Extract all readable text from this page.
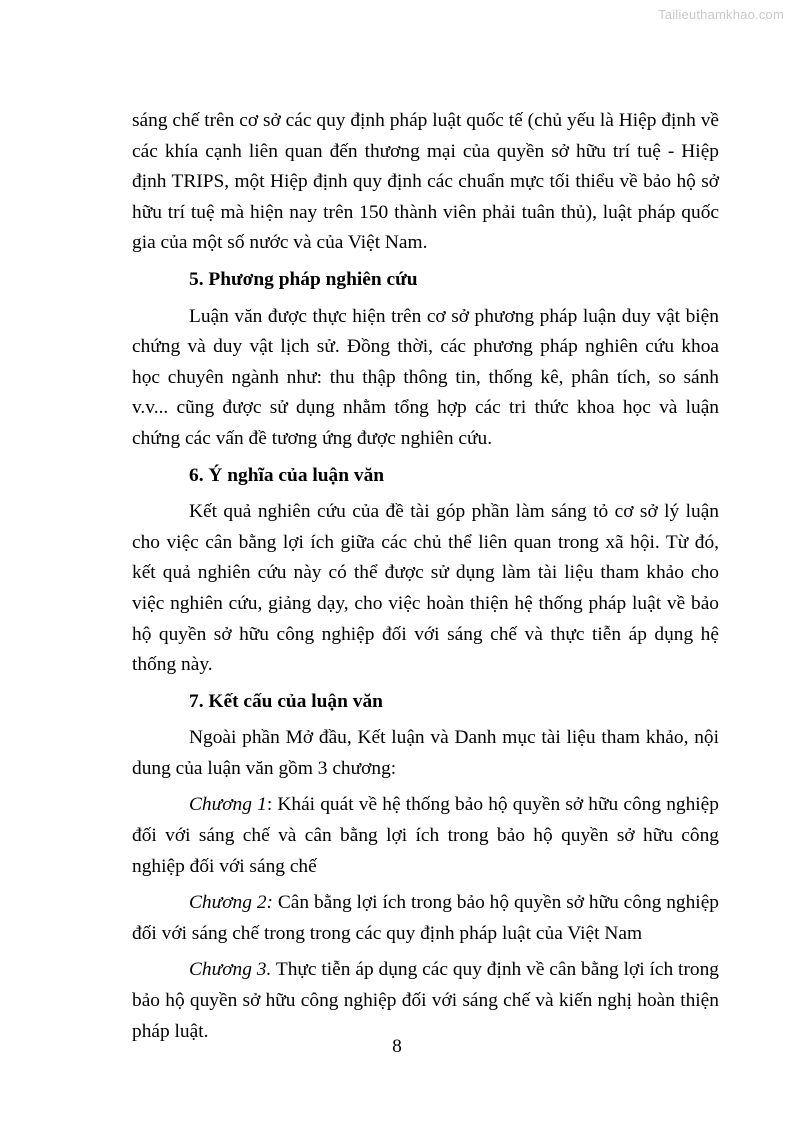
Tailieuthamkhao.com

sáng chế trên cơ sở các quy định pháp luật quốc tế (chủ yếu là Hiệp định về các khía cạnh liên quan đến thương mại của quyền sở hữu trí tuệ - Hiệp định TRIPS, một Hiệp định quy định các chuẩn mực tối thiểu về bảo hộ sở hữu trí tuệ mà hiện nay trên 150 thành viên phải tuân thủ), luật pháp quốc gia của một số nước và của Việt Nam.

5. Phương pháp nghiên cứu

Luận văn được thực hiện trên cơ sở phương pháp luận duy vật biện chứng và duy vật lịch sử. Đồng thời, các phương pháp nghiên cứu khoa học chuyên ngành như: thu thập thông tin, thống kê, phân tích, so sánh v.v... cũng được sử dụng nhằm tổng hợp các tri thức khoa học và luận chứng các vấn đề tương ứng được nghiên cứu.

6. Ý nghĩa của luận văn

Kết quả nghiên cứu của đề tài góp phần làm sáng tỏ cơ sở lý luận cho việc cân bằng lợi ích giữa các chủ thể liên quan trong xã hội. Từ đó, kết quả nghiên cứu này có thể được sử dụng làm tài liệu tham khảo cho việc nghiên cứu, giảng dạy, cho việc hoàn thiện hệ thống pháp luật về bảo hộ quyền sở hữu công nghiệp đối với sáng chế và thực tiễn áp dụng hệ thống này.

7. Kết cấu của luận văn

Ngoài phần Mở đầu, Kết luận và Danh mục tài liệu tham khảo, nội dung của luận văn gồm 3 chương:

Chương 1: Khái quát về hệ thống bảo hộ quyền sở hữu công nghiệp đối với sáng chế và cân bằng lợi ích trong bảo hộ quyền sở hữu công nghiệp đối với sáng chế

Chương 2: Cân bằng lợi ích trong bảo hộ quyền sở hữu công nghiệp đối với sáng chế trong trong các quy định pháp luật của Việt Nam

Chương 3. Thực tiễn áp dụng các quy định về cân bằng lợi ích trong bảo hộ quyền sở hữu công nghiệp đối với sáng chế và kiến nghị hoàn thiện pháp luật.

8
